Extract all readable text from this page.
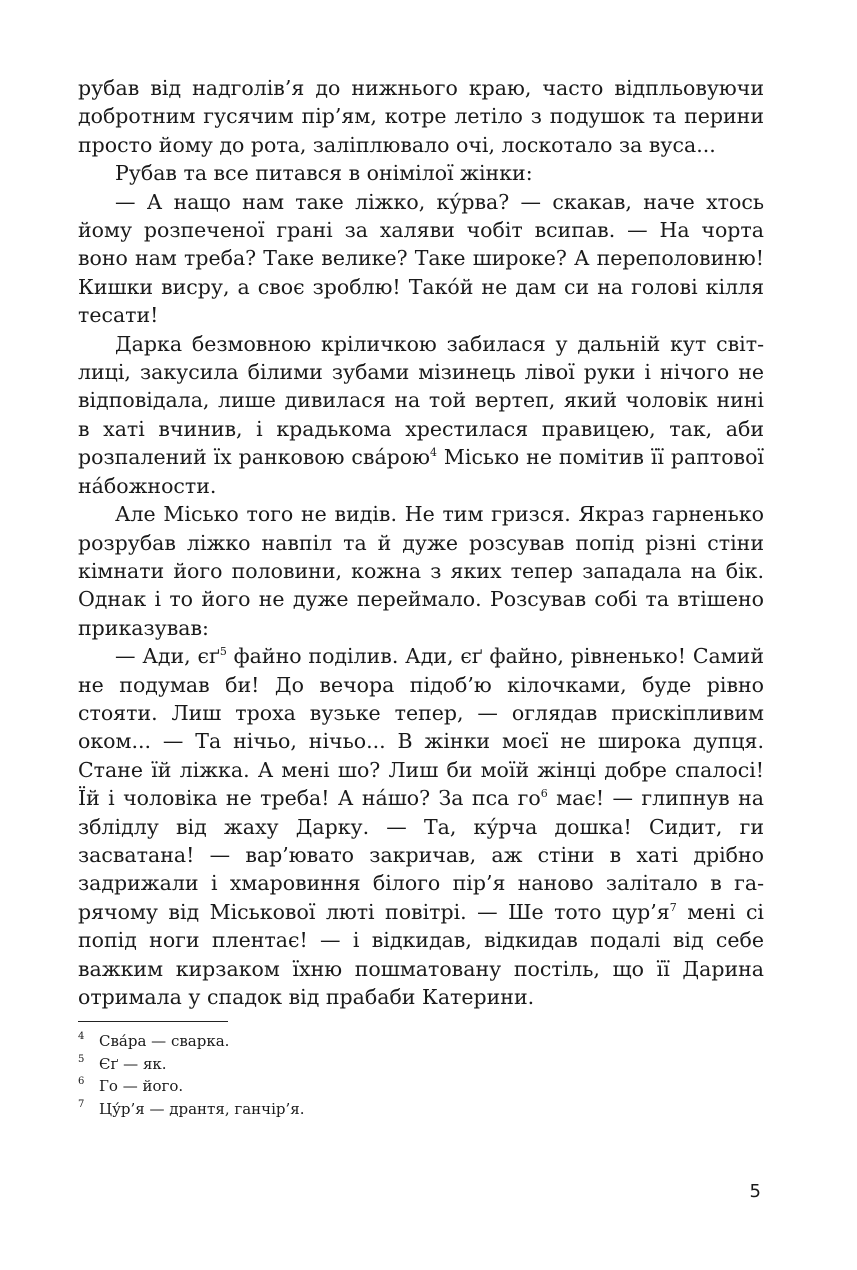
рубав від надголів’я до нижнього краю, часто відпльовуючи добротним гусячим пір’ям, котре летіло з подушок та перини просто йому до рота, заліплювало очі, лоскотало за вуса...

Рубав та все питався в онімілої жінки:

— А нащо нам таке ліжко, ку́рва? — скакав, наче хтось йому розпеченої грані за халяви чобіт всипав. — На чорта воно нам треба? Таке велике? Таке широке? А переполовиню! Кишки висру, а своє зроблю! Тако́й не дам си на голові кілля тесати!

Дарка безмовною кріличкою забилася у дальній кут світлиці, закусила білими зубами мізинець лівої руки і нічого не відповідала, лише дивилася на той вертеп, який чоловік нині в хаті вчинив, і крадькома хрестилася правицею, так, аби розпалений їх ранковою сва́рою$^4$ Місько не помітив її раптової на́божности.

Але Місько того не видів. Не тим гризся. Якраз гарненько розрубав ліжко навпіл та й дуже розсував попід різні стіни кімнати його половини, кожна з яких тепер западала на бік. Однак і то його не дуже переймало. Розсував собі та втішено приказував:

— Ади, єґ$^5$ файно поділив. Ади, єґ файно, рівненько! Самий не подумав би! До вечора підоб’ю кілочками, буде рівно стояти. Лиш троха вузьке тепер, — оглядав прискіпливим оком... — Та нічьо, нічьо... В жінки моєї не широка дупця. Стане їй ліжка. А мені шо? Лиш би моїй жінці добре спалосі! Їй і чоловіка не треба! А на́шо? За пса го$^6$ має! — глипнув на зблідлу від жаху Дарку. — Та, ку́рча дошка! Сидит, ги засватана! — вар’ювато закричав, аж стіни в хаті дрібно задрижали і хмаровиння білого пір’я наново залітало в гарячому від Міськової люті повітрі. — Ше тото цур’я$^7$ мені сі попід ноги плентає! — і відкидав, відкидав подалі від себе важким кирзаком їхню пошматовану постіль, що її Дарина отримала у спадок від прабаби Катерини.

4 Сва́ра — сварка.
5 Єґ — як.
6 Го — його.
7 Цу́р’я — дрантя, ганчір’я.
5
